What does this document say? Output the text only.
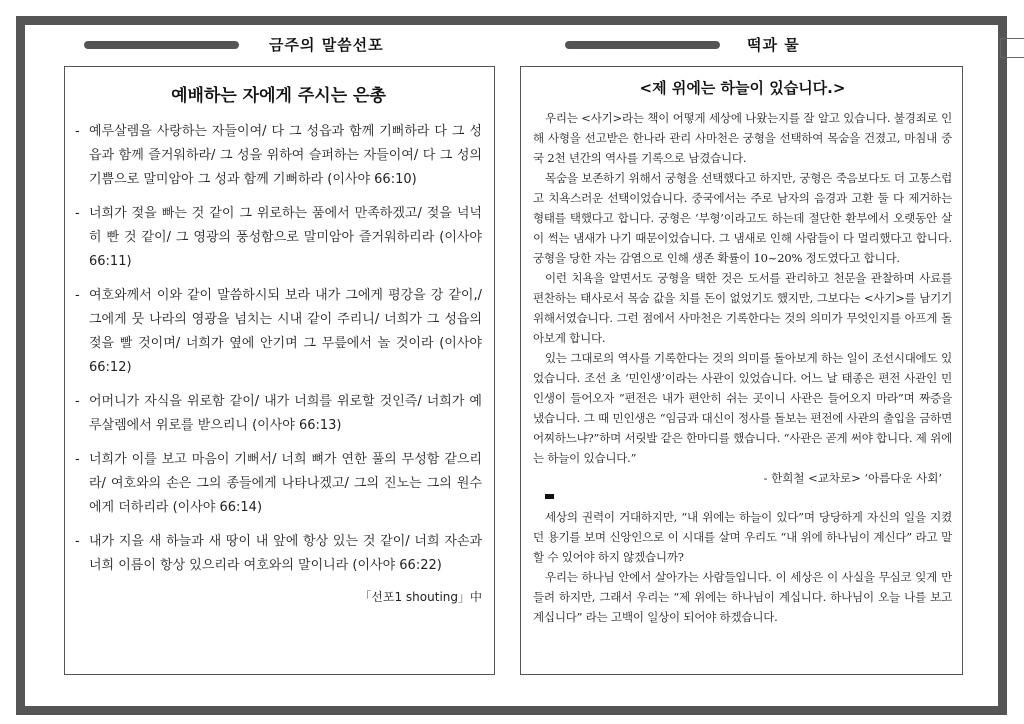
금주의 말씀선포	떡과 물
예배하는 자에게 주시는 은총
- 예루살렘을 사랑하는 자들이여/ 다 그 성읍과 함께 기뻐하라 다 그 성읍과 함께 즐거워하라/ 그 성을 위하여 슬퍼하는 자들이여/ 다 그 성의 기쁨으로 말미암아 그 성과 함께 기뻐하라 (이사야 66:10)
- 너희가 젖을 빠는 것 같이 그 위로하는 품에서 만족하겠고/ 젖을 넉넉히 빤 것 같이/ 그 영광의 풍성함으로 말미암아 즐거워하리라 (이사야 66:11)
- 여호와께서 이와 같이 말씀하시되 보라 내가 그에게 평강을 강 같이,/ 그에게 뭇 나라의 영광을 넘치는 시내 같이 주리니/ 너희가 그 성읍의 젖을 빨 것이며/ 너희가 옆에 안기며 그 무릎에서 놀 것이라 (이사야 66:12)
- 어머니가 자식을 위로함 같이/ 내가 너희를 위로할 것인즉/ 너희가 예루살렘에서 위로를 받으리니 (이사야 66:13)
- 너희가 이를 보고 마음이 기뻐서/ 너희 뼈가 연한 풀의 무성함 같으리라/ 여호와의 손은 그의 종들에게 나타나겠고/ 그의 진노는 그의 원수에게 더하리라 (이사야 66:14)
- 내가 지을 새 하늘과 새 땅이 내 앞에 항상 있는 것 같이/ 너희 자손과 너희 이름이 항상 있으리라 여호와의 말이니라 (이사야 66:22)
「선포1 shouting」中
<제 위에는 하늘이 있습니다.>

우리는 <사기>라는 책이 어떻게 세상에 나왔는지를 잘 알고 있습니다. 불경죄로 인해 사형을 선고받은 한나라 관리 사마천은 궁형을 선택하여 목숨을 건졌고, 마침내 중국 2천 년간의 역사를 기록으로 남겼습니다.

목숨을 보존하기 위해서 궁형을 선택했다고 하지만, 궁형은 죽음보다도 더 고통스럽고 치욕스러운 선택이었습니다. 중국에서는 주로 남자의 음경과 고환 둘 다 제거하는 형태를 택했다고 합니다. 궁형은 ‘부형’이라고도 하는데 절단한 환부에서 오랫동안 살이 썩는 냄새가 나기 때문이었습니다. 그 냄새로 인해 사람들이 다 멀리했다고 합니다. 궁형을 당한 자는 감염으로 인해 생존 확률이 10~20% 정도였다고 합니다.

이런 치욕을 알면서도 궁형을 택한 것은 도서를 관리하고 천문을 관찰하며 사료를 편찬하는 태사로서 목숨 값을 치를 돈이 없었기도 했지만, 그보다는 <사기>를 남기기 위해서였습니다. 그런 점에서 사마천은 기록한다는 것의 의미가 무엇인지를 아프게 돌아보게 합니다.

있는 그대로의 역사를 기록한다는 것의 의미를 돌아보게 하는 일이 조선시대에도 있었습니다. 조선 초 ‘민인생’이라는 사관이 있었습니다. 어느 날 태종은 편전 사관인 민인생이 들어오자 “편전은 내가 편안히 쉬는 곳이니 사관은 들어오지 마라”며 짜증을 냈습니다. 그 때 민인생은 “임금과 대신이 정사를 돌보는 편전에 사관의 출입을 금하면 어찌하느냐?”하며 서릿발 같은 한마디를 했습니다. “사관은 곧게 써야 합니다. 제 위에는 하늘이 있습니다.”

- 한희철 <교차로> ‘아름다운 사회’

세상의 권력이 거대하지만, “내 위에는 하늘이 있다”며 당당하게 자신의 일을 지켰던 용기를 보며 신앙인으로 이 시대를 살며 우리도 “내 위에 하나님이 계신다” 라고 말할 수 있어야 하지 않겠습니까?

우리는 하나님 안에서 살아가는 사람들입니다. 이 세상은 이 사실을 무심코 잊게 만들려 하지만, 그래서 우리는 “제 위에는 하나님이 계십니다. 하나님이 오늘 나를 보고 계십니다” 라는 고백이 일상이 되어야 하겠습니다.
